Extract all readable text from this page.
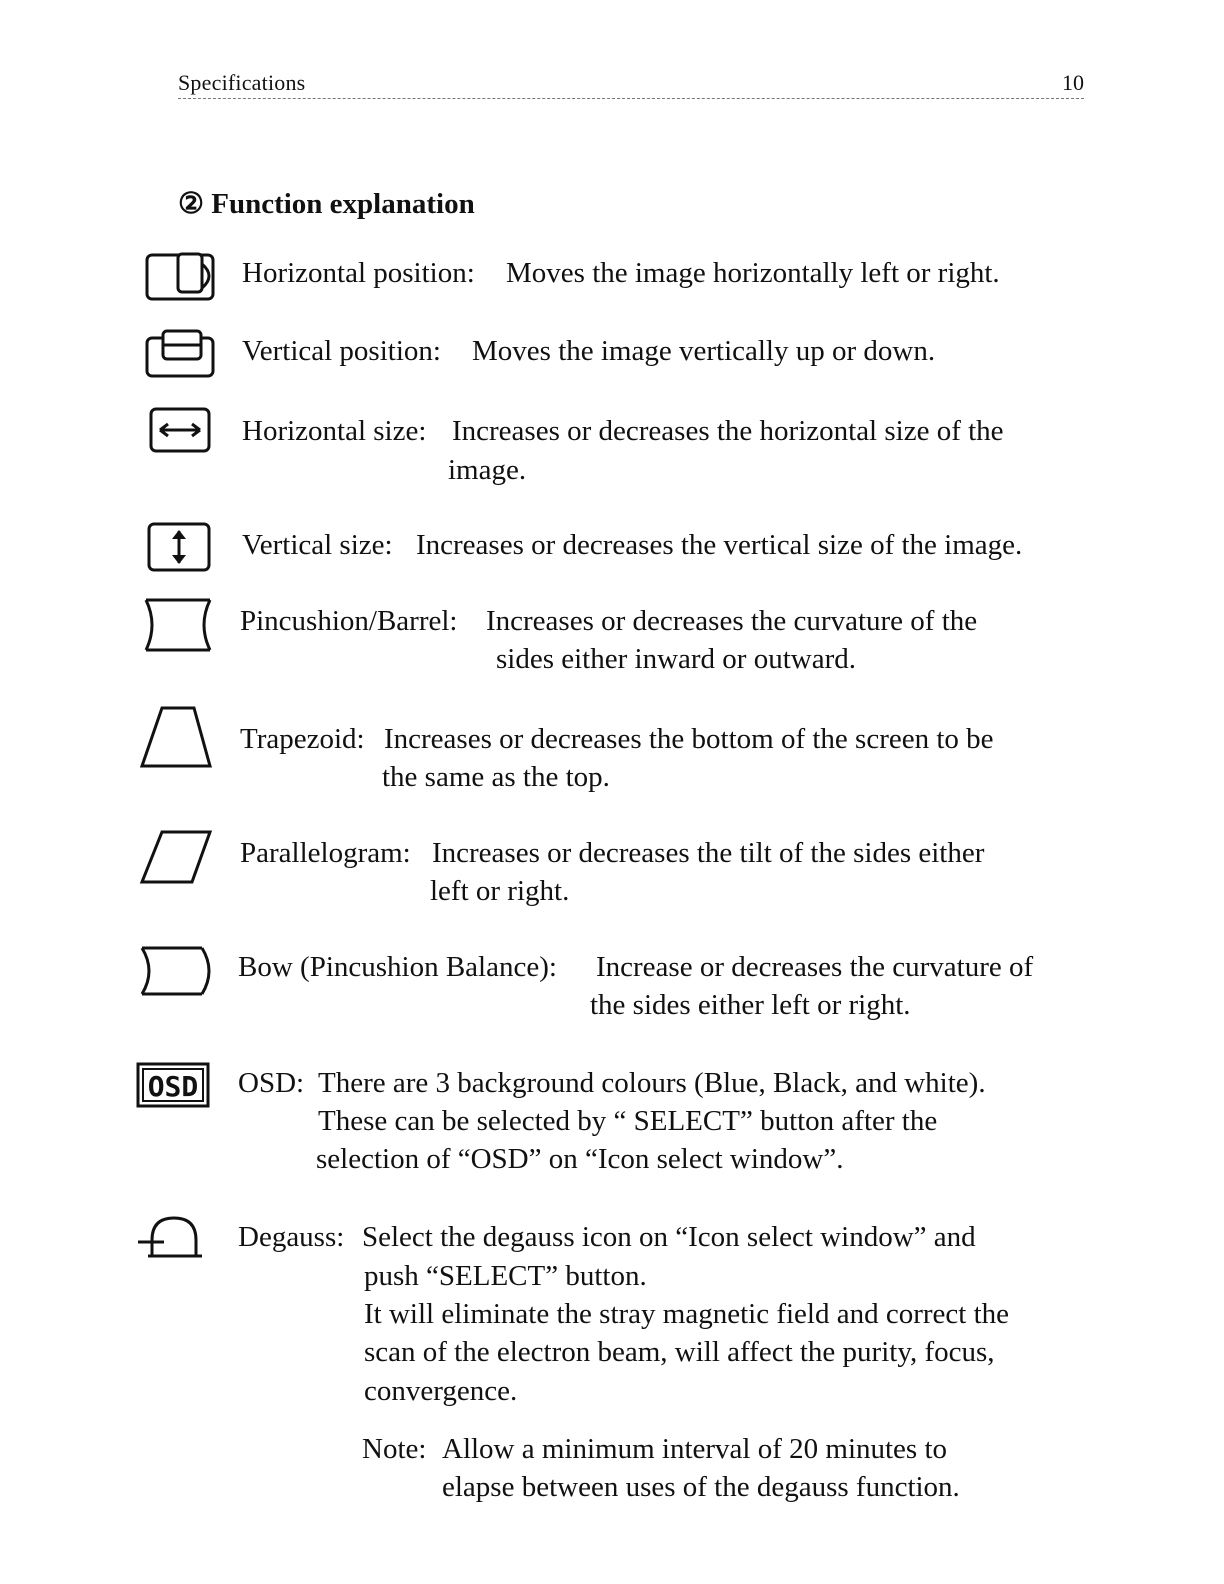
Specifications	10
② Function explanation
Horizontal position: Moves the image horizontally left or right.
Vertical position: Moves the image vertically up or down.
Horizontal size: Increases or decreases the horizontal size of the
image.
Vertical size: Increases or decreases the vertical size of the image.
Pincushion/Barrel: Increases or decreases the curvature of the
sides either inward or outward.
Trapezoid: Increases or decreases the bottom of the screen to be
the same as the top.
Parallelogram: Increases or decreases the tilt of the sides either
left or right.
Bow (Pincushion Balance): Increase or decreases the curvature of
the sides either left or right.
OSD OSD: There are 3 background colours (Blue, Black, and white).
These can be selected by “ SELECT” button after the
selection of “OSD” on “Icon select window”.
Degauss: Select the degauss icon on “Icon select window” and
push “SELECT” button.
It will eliminate the stray magnetic field and correct the
scan of the electron beam, will affect the purity, focus,
convergence.
Note: Allow a minimum interval of 20 minutes to
elapse between uses of the degauss function.
